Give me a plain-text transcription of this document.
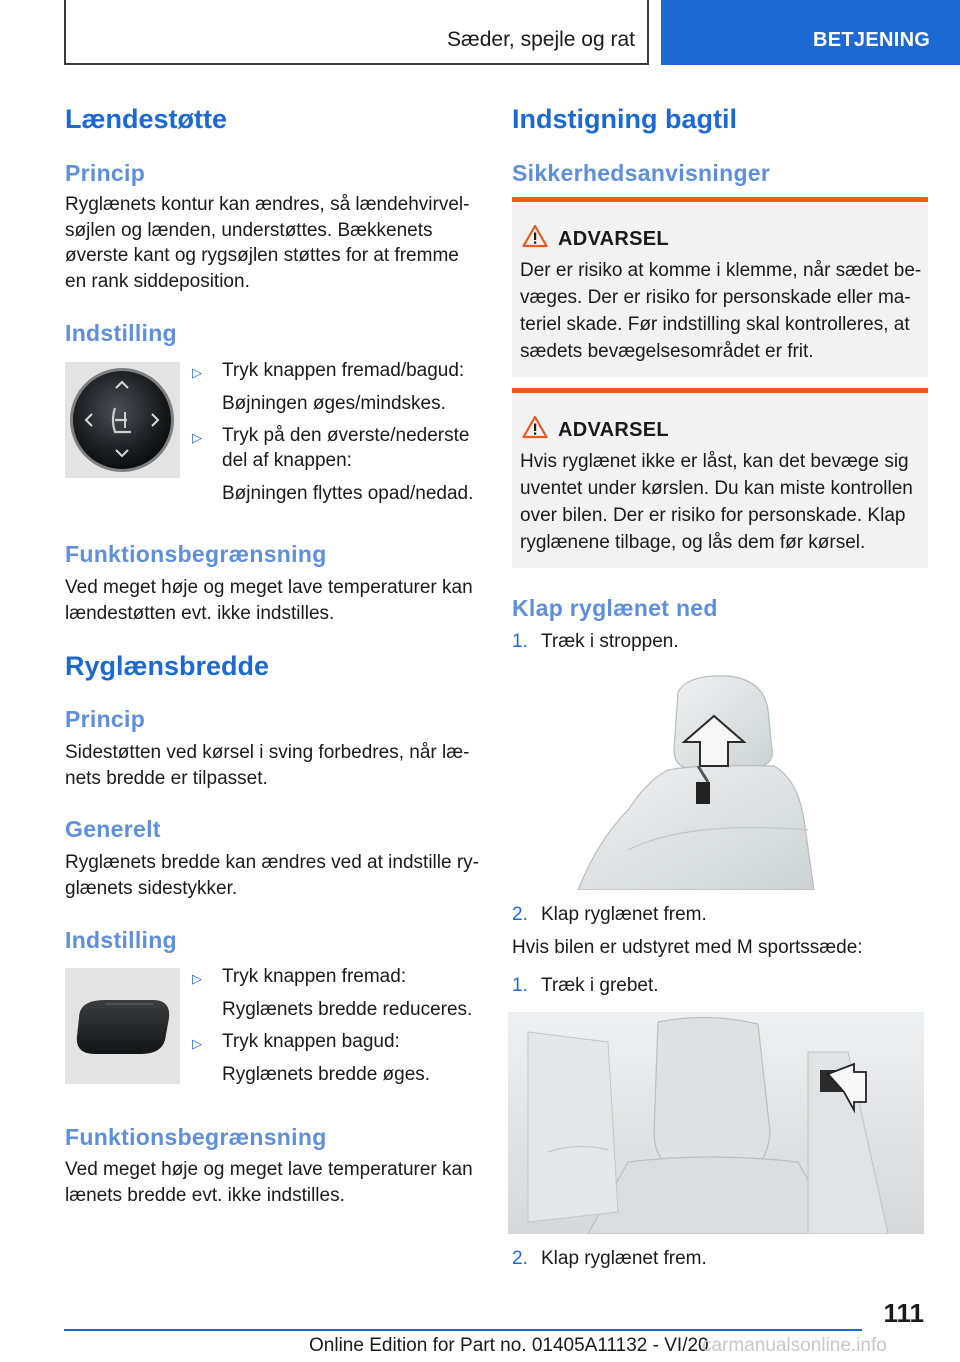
Sæder, spejle og rat	BETJENING
Lændestøtte
Princip
Ryglænets kontur kan ændres, så lændehvirvel-
søjlen og lænden, understøttes. Bækkenets
øverste kant og rygsøjlen støttes for at fremme
en rank siddeposition.
Indstilling
▷ Tryk knappen fremad/bagud:
Bøjningen øges/mindskes.
▷ Tryk på den øverste/nederste
del af knappen:
Bøjningen flyttes opad/nedad.
Funktionsbegrænsning
Ved meget høje og meget lave temperaturer kan
lændestøtten evt. ikke indstilles.
Ryglænsbredde
Princip
Sidestøtten ved kørsel i sving forbedres, når læ-
nets bredde er tilpasset.
Generelt
Ryglænets bredde kan ændres ved at indstille ry-
glænets sidestykker.
Indstilling
▷ Tryk knappen fremad:
Ryglænets bredde reduceres.
▷ Tryk knappen bagud:
Ryglænets bredde øges.
Funktionsbegrænsning
Ved meget høje og meget lave temperaturer kan
lænets bredde evt. ikke indstilles.
Indstigning bagtil
Sikkerhedsanvisninger
ADVARSEL
Der er risiko at komme i klemme, når sædet be-
væges. Der er risiko for personskade eller ma-
teriel skade. Før indstilling skal kontrolleres, at
sædets bevægelsesområdet er frit.
ADVARSEL
Hvis ryglænet ikke er låst, kan det bevæge sig
uventet under kørslen. Du kan miste kontrollen
over bilen. Der er risiko for personskade. Klap
ryglænene tilbage, og lås dem før kørsel.
Klap ryglænet ned
1. Træk i stroppen.
2. Klap ryglænet frem.
Hvis bilen er udstyret med M sportssæde:
1. Træk i grebet.
2. Klap ryglænet frem.
111
Online Edition for Part no. 01405A11132 - VI/20
carmanualsonline.info
